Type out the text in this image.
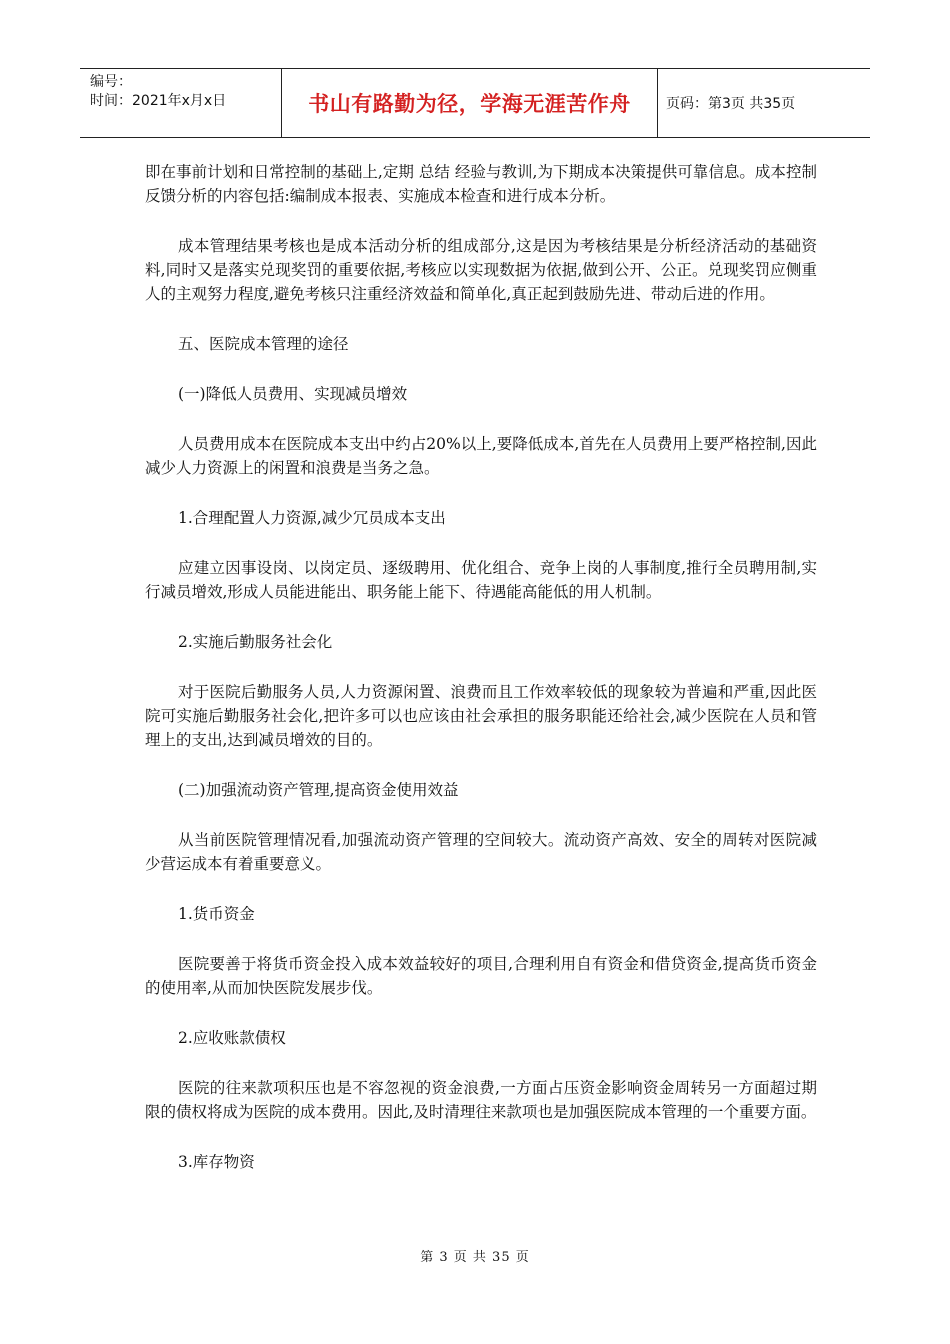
编号：
时间：2021年x月x日	书山有路勤为径，学海无涯苦作舟	页码：第3页 共35页

即在事前计划和日常控制的基础上,定期 总结 经验与教训,为下期成本决策提供可靠信息。成本控制反馈分析的内容包括:编制成本报表、实施成本检查和进行成本分析。

成本管理结果考核也是成本活动分析的组成部分,这是因为考核结果是分析经济活动的基础资料,同时又是落实兑现奖罚的重要依据,考核应以实现数据为依据,做到公开、公正。兑现奖罚应侧重人的主观努力程度,避免考核只注重经济效益和简单化,真正起到鼓励先进、带动后进的作用。

五、医院成本管理的途径

(一)降低人员费用、实现减员增效

人员费用成本在医院成本支出中约占20%以上,要降低成本,首先在人员费用上要严格控制,因此减少人力资源上的闲置和浪费是当务之急。

1.合理配置人力资源,减少冗员成本支出

应建立因事设岗、以岗定员、逐级聘用、优化组合、竞争上岗的人事制度,推行全员聘用制,实行减员增效,形成人员能进能出、职务能上能下、待遇能高能低的用人机制。

2.实施后勤服务社会化

对于医院后勤服务人员,人力资源闲置、浪费而且工作效率较低的现象较为普遍和严重,因此医院可实施后勤服务社会化,把许多可以也应该由社会承担的服务职能还给社会,减少医院在人员和管理上的支出,达到减员增效的目的。

(二)加强流动资产管理,提高资金使用效益

从当前医院管理情况看,加强流动资产管理的空间较大。流动资产高效、安全的周转对医院减少营运成本有着重要意义。

1.货币资金

医院要善于将货币资金投入成本效益较好的项目,合理利用自有资金和借贷资金,提高货币资金的使用率,从而加快医院发展步伐。

2.应收账款债权

医院的往来款项积压也是不容忽视的资金浪费,一方面占压资金影响资金周转另一方面超过期限的债权将成为医院的成本费用。因此,及时清理往来款项也是加强医院成本管理的一个重要方面。

3.库存物资

第 3 页 共 35 页
